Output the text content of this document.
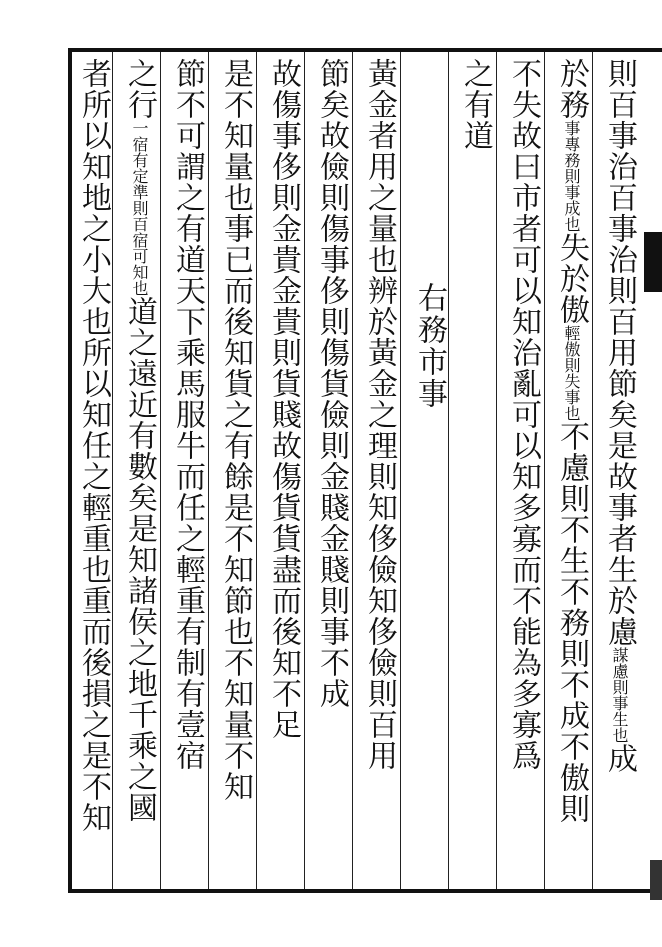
則百事治百事治則百用節矣是故事者生於慮謀慮則事生也成
於務事專務則事成也失於傲輕傲則失事也不慮則不生不務則不成不傲則
不失故曰市者可以知治亂可以知多寡而不能為多寡爲
之有道
右務市事
黃金者用之量也辨於黃金之理則知侈儉知侈儉則百用
節矣故儉則傷事侈則傷貨儉則金賤金賤則事不成
故傷事侈則金貴金貴則貨賤故傷貨貨盡而後知不足
是不知量也事已而後知貨之有餘是不知節也不知量不知
節不可謂之有道天下乘馬服牛而任之輕重有制有壹宿
之行一宿有定準則百宿可知也道之遠近有數矣是知諸侯之地千乘之國
者所以知地之小大也所以知任之輕重也重而後損之是不知
